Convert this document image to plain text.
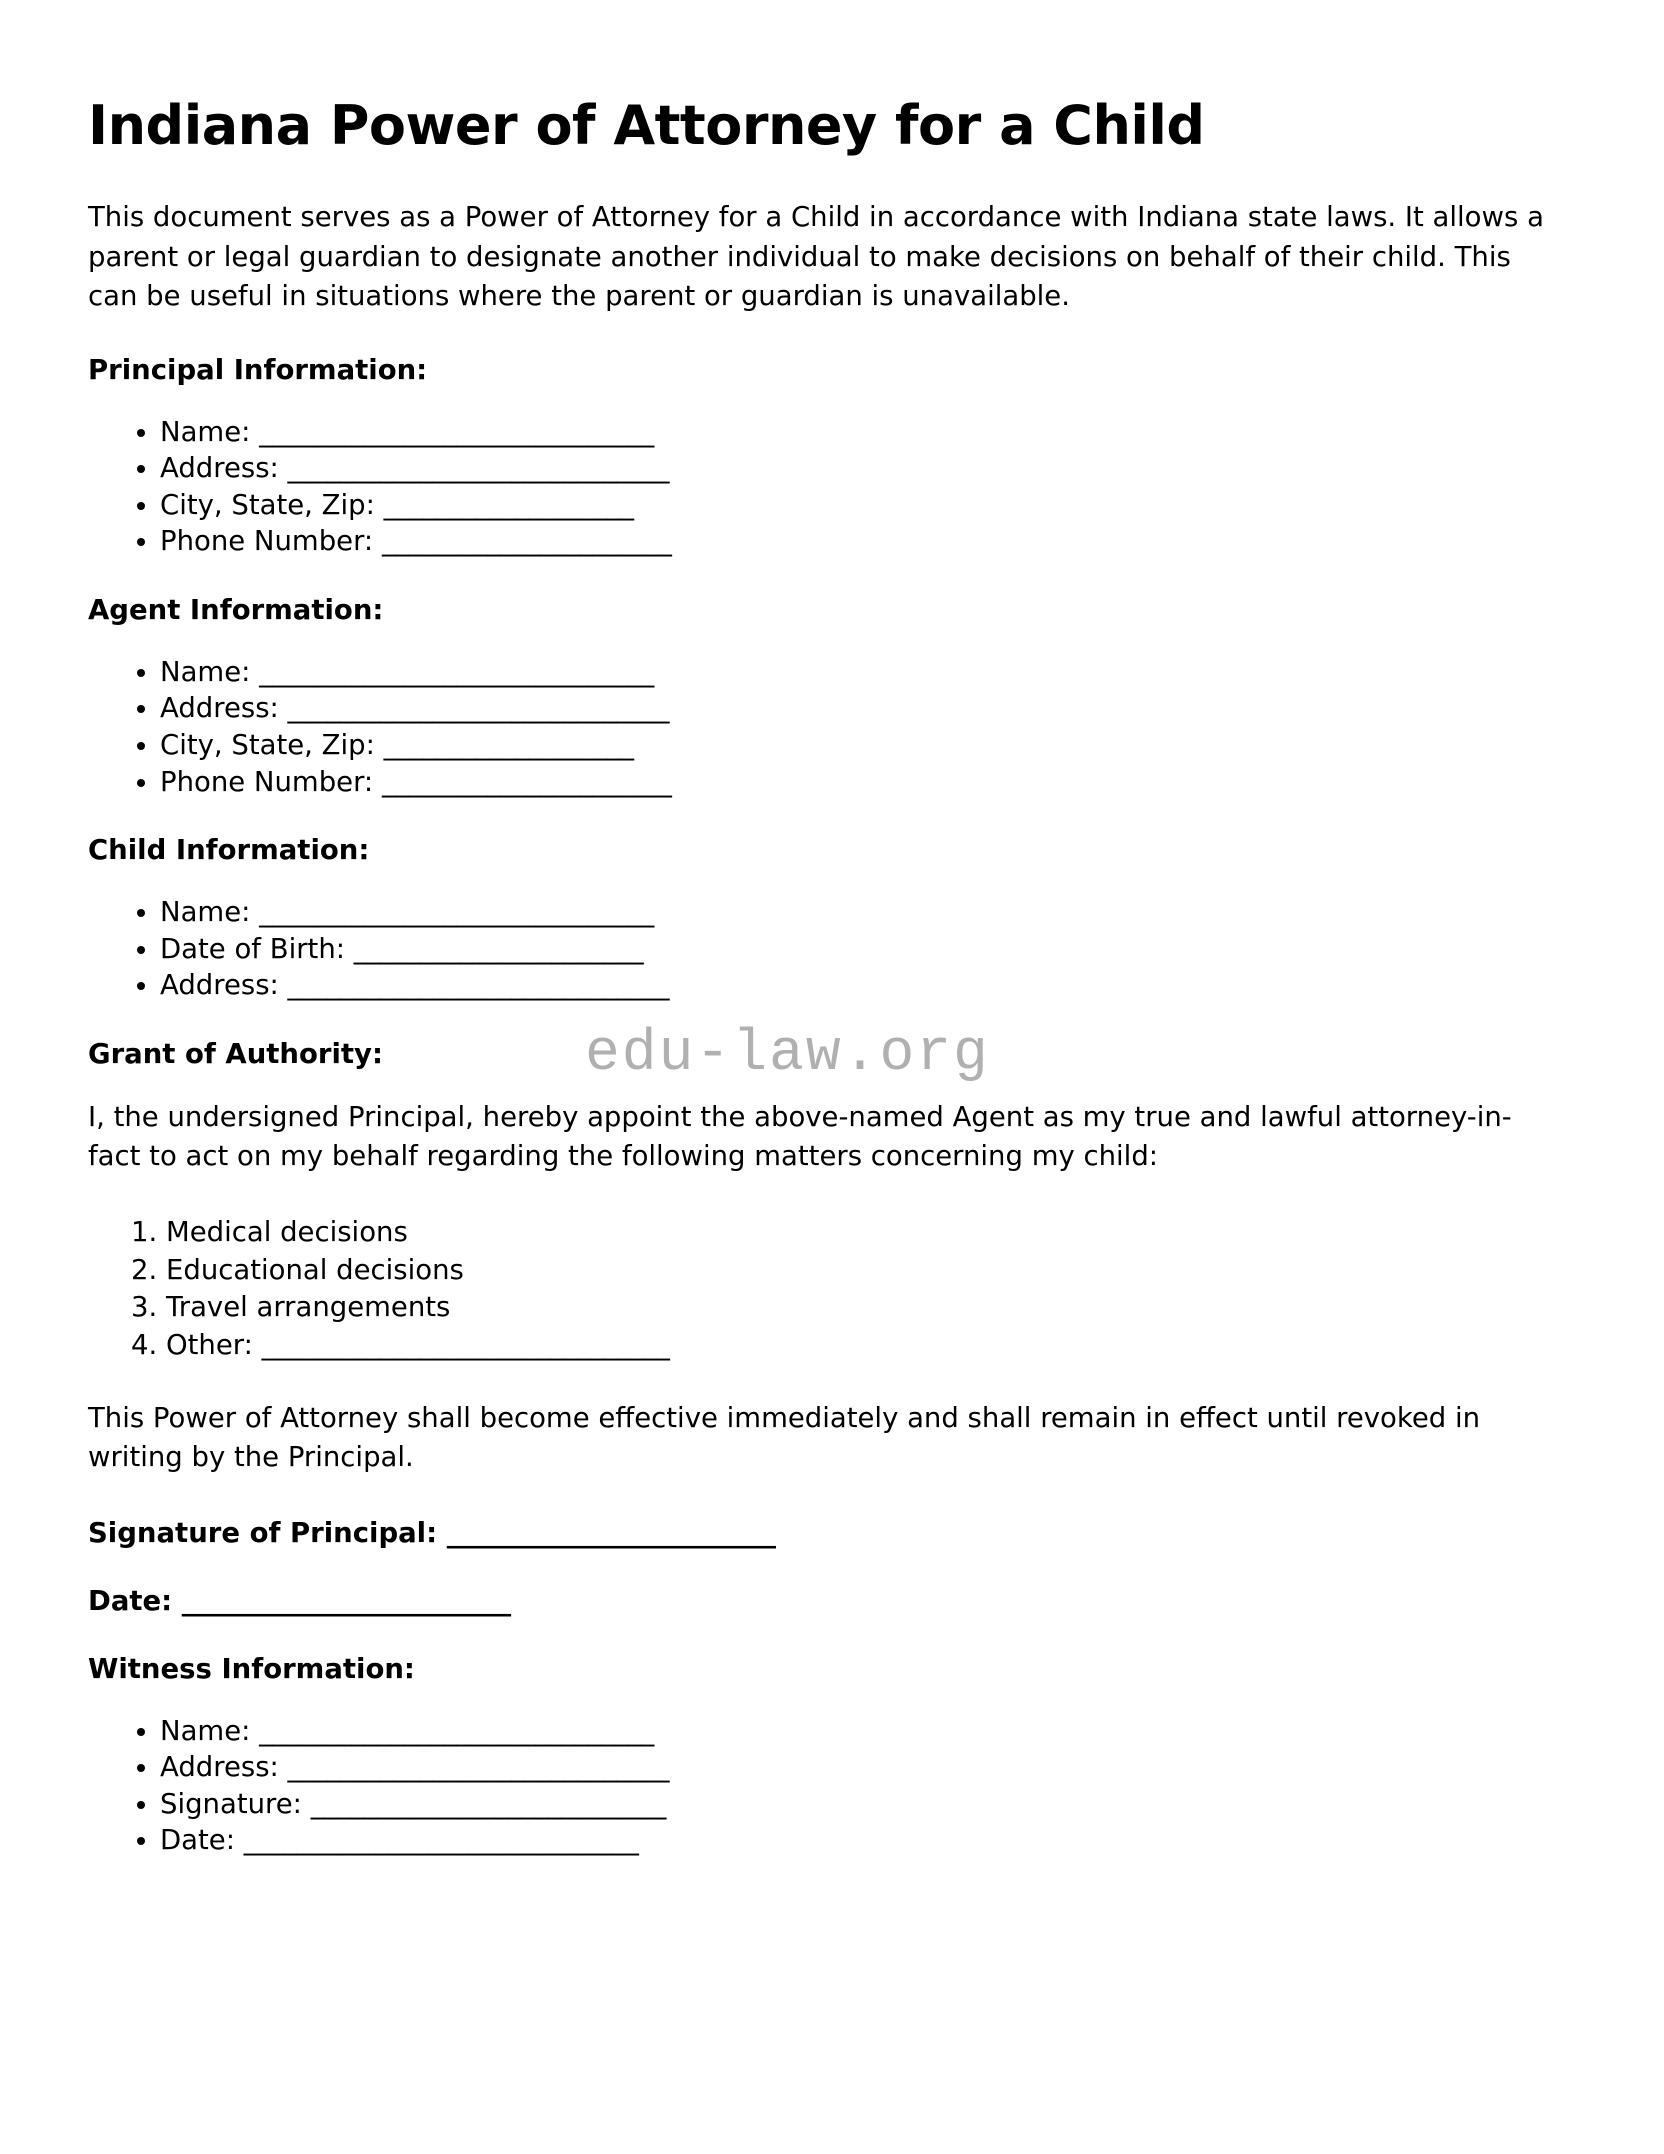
Indiana Power of Attorney for a Child

This document serves as a Power of Attorney for a Child in accordance with Indiana state laws. It allows a parent or legal guardian to designate another individual to make decisions on behalf of their child. This can be useful in situations where the parent or guardian is unavailable.

Principal Information:
• Name: ______________________________
• Address: _____________________________
• City, State, Zip: ___________________
• Phone Number: ______________________
Agent Information:
• Name: ______________________________
• Address: _____________________________
• City, State, Zip: ___________________
• Phone Number: ______________________
Child Information:
• Name: ______________________________
• Date of Birth: ______________________
• Address: _____________________________
Grant of Authority:

I, the undersigned Principal, hereby appoint the above-named Agent as my true and lawful attorney-in-fact to act on my behalf regarding the following matters concerning my child:

1. Medical decisions
2. Educational decisions
3. Travel arrangements
4. Other: _______________________________

This Power of Attorney shall become effective immediately and shall remain in effect until revoked in writing by the Principal.

Signature of Principal: _________________________

Date: _________________________

Witness Information:
• Name: ______________________________
• Address: _____________________________
• Signature: ___________________________
• Date: ______________________________
edu-law.org
